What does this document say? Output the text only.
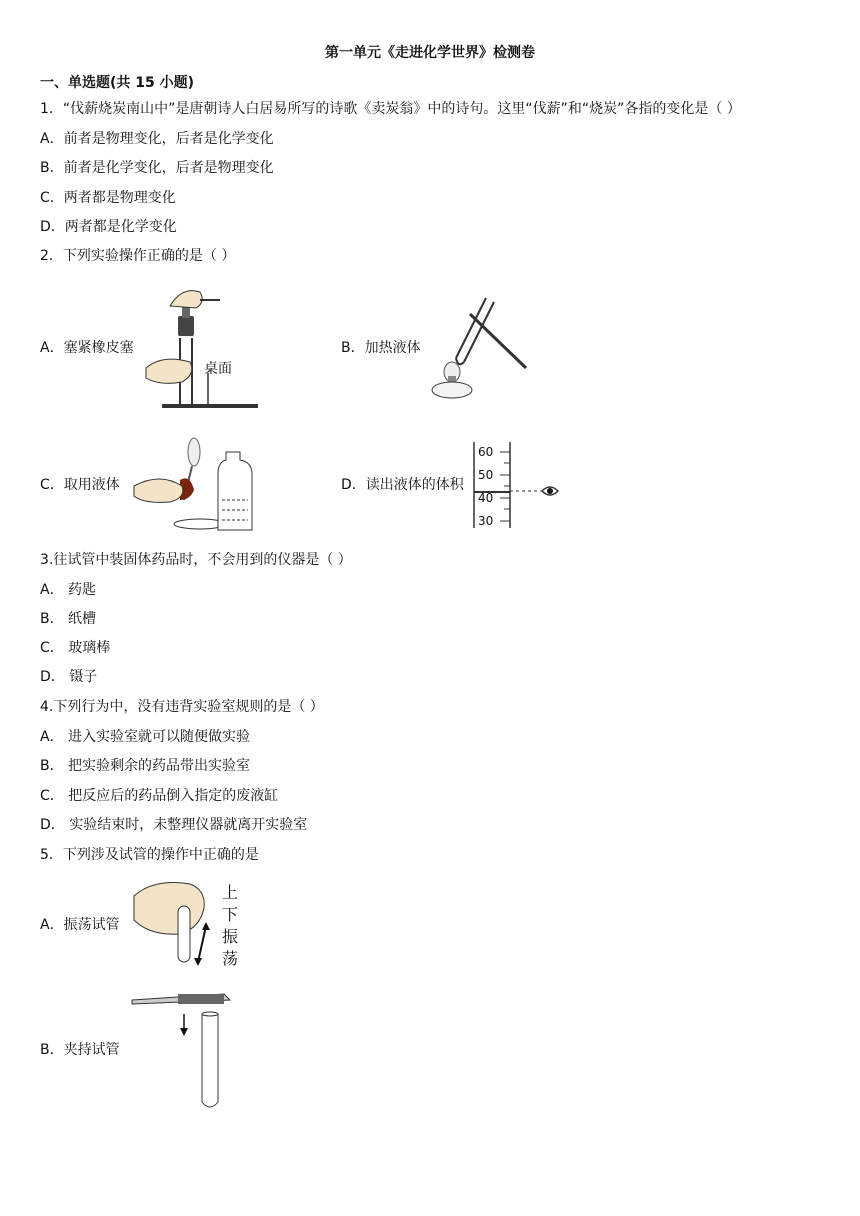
第一单元《走进化学世界》检测卷
一、单选题(共 15 小题)
1．“伐薪烧炭南山中”是唐朝诗人白居易所写的诗歌《卖炭翁》中的诗句。这里“伐薪”和“烧炭”各指的变化是（ ）
A．前者是物理变化，后者是化学变化
B．前者是化学变化，后者是物理变化
C．两者都是物理变化
D．两者都是化学变化
2．下列实验操作正确的是（ ）
A．塞紧橡皮塞
桌面
B．加热液体
C．取用液体	D．读出液体的体积
60
50
40
30
3.往试管中装固体药品时，不会用到的仪器是（ ）
A． 药匙
B． 纸槽
C． 玻璃棒
D． 镊子
4.下列行为中，没有违背实验室规则的是（ ）
A． 进入实验室就可以随便做实验
B． 把实验剩余的药品带出实验室
C． 把反应后的药品倒入指定的废液缸
D． 实验结束时，未整理仪器就离开实验室
5．下列涉及试管的操作中正确的是
A．振荡试管
上
下
振
荡
B．夹持试管
